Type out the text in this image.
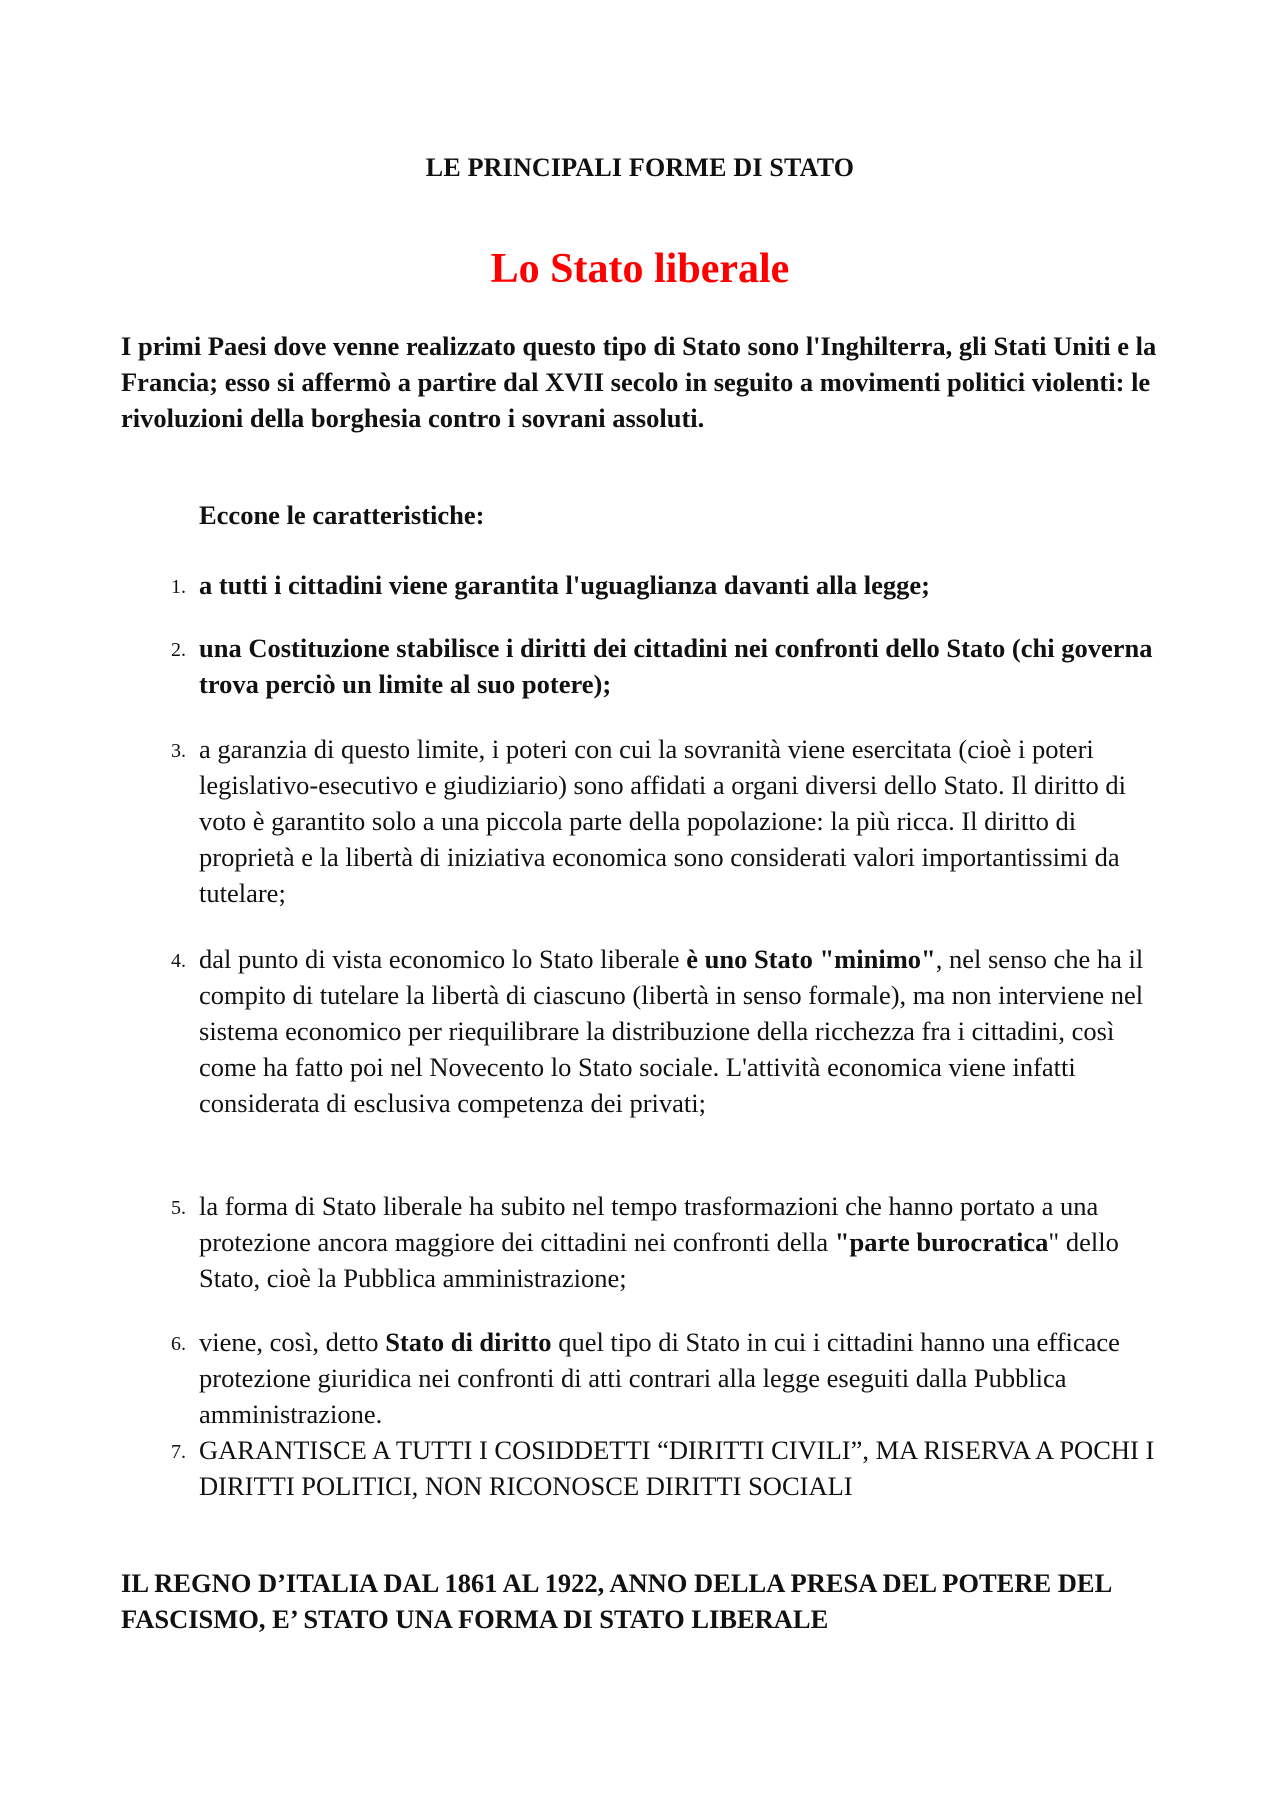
LE PRINCIPALI FORME DI STATO
Lo Stato liberale

I primi Paesi dove venne realizzato questo tipo di Stato sono l'Inghilterra, gli Stati Uniti e la Francia; esso si affermò a partire dal XVII secolo in seguito a movimenti politici violenti: le rivoluzioni della borghesia contro i sovrani assoluti.

Eccone le caratteristiche:

1. a tutti i cittadini viene garantita l'uguaglianza davanti alla legge;
2. una Costituzione stabilisce i diritti dei cittadini nei confronti dello Stato (chi governa trova perciò un limite al suo potere);
3. a garanzia di questo limite, i poteri con cui la sovranità viene esercitata (cioè i poteri legislativo-esecutivo e giudiziario) sono affidati a organi diversi dello Stato. Il diritto di voto è garantito solo a una piccola parte della popolazione: la più ricca. Il diritto di proprietà e la libertà di iniziativa economica sono considerati valori importantissimi da tutelare;
4. dal punto di vista economico lo Stato liberale è uno Stato "minimo", nel senso che ha il compito di tutelare la libertà di ciascuno (libertà in senso formale), ma non interviene nel sistema economico per riequilibrare la distribuzione della ricchezza fra i cittadini, così come ha fatto poi nel Novecento lo Stato sociale. L'attività economica viene infatti considerata di esclusiva competenza dei privati;
5. la forma di Stato liberale ha subito nel tempo trasformazioni che hanno portato a una protezione ancora maggiore dei cittadini nei confronti della "parte burocratica" dello Stato, cioè la Pubblica amministrazione;
6. viene, così, detto Stato di diritto quel tipo di Stato in cui i cittadini hanno una efficace protezione giuridica nei confronti di atti contrari alla legge eseguiti dalla Pubblica amministrazione.
7. GARANTISCE A TUTTI I COSIDDETTI “DIRITTI CIVILI”, MA RISERVA A POCHI I DIRITTI POLITICI, NON RICONOSCE DIRITTI SOCIALI

IL REGNO D’ITALIA DAL 1861 AL 1922, ANNO DELLA PRESA DEL POTERE DEL FASCISMO, E’ STATO UNA FORMA DI STATO LIBERALE
